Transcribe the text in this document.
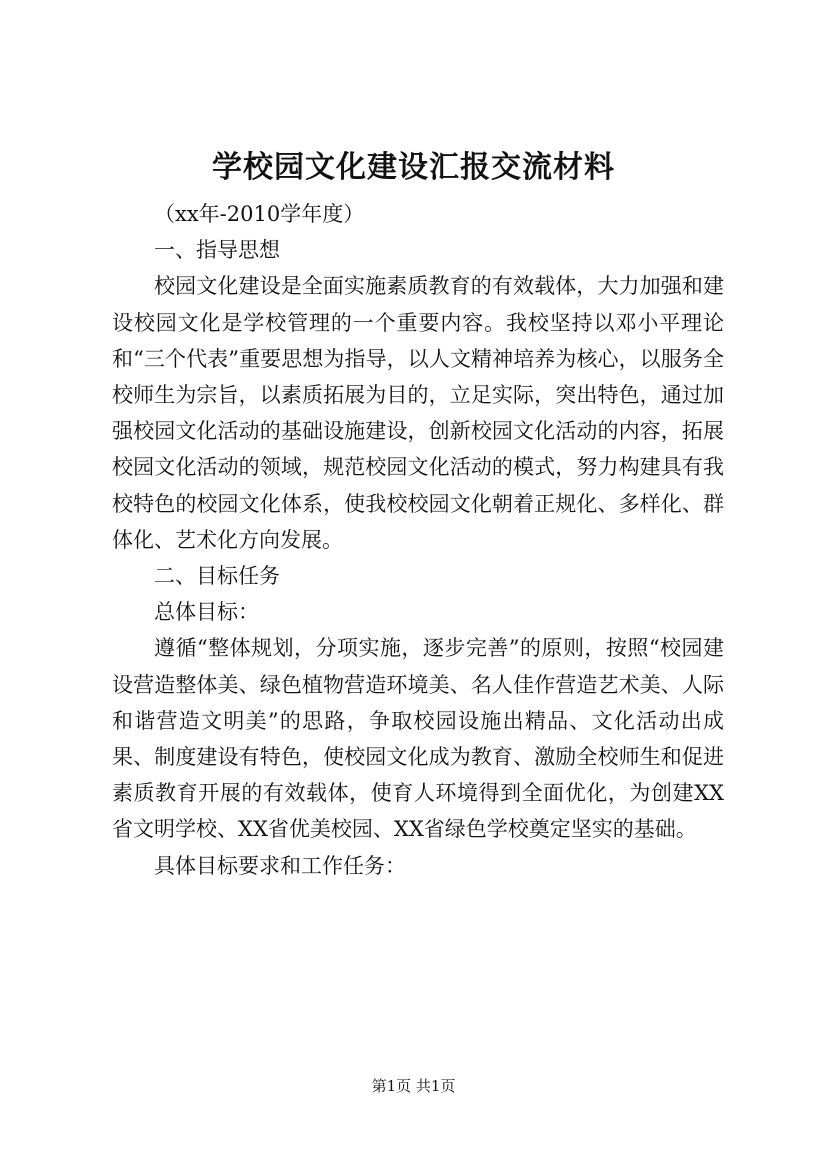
学校园文化建设汇报交流材料

（xx年-2010学年度）

一、指导思想

校园文化建设是全面实施素质教育的有效载体，大力加强和建设校园文化是学校管理的一个重要内容。我校坚持以邓小平理论和“三个代表”重要思想为指导，以人文精神培养为核心，以服务全校师生为宗旨，以素质拓展为目的，立足实际，突出特色，通过加强校园文化活动的基础设施建设，创新校园文化活动的内容，拓展校园文化活动的领域，规范校园文化活动的模式，努力构建具有我校特色的校园文化体系，使我校校园文化朝着正规化、多样化、群体化、艺术化方向发展。

二、目标任务

总体目标：

遵循“整体规划，分项实施，逐步完善”的原则，按照“校园建设营造整体美、绿色植物营造环境美、名人佳作营造艺术美、人际和谐营造文明美”的思路，争取校园设施出精品、文化活动出成果、制度建设有特色，使校园文化成为教育、激励全校师生和促进素质教育开展的有效载体，使育人环境得到全面优化，为创建XX省文明学校、XX省优美校园、XX省绿色学校奠定坚实的基础。

具体目标要求和工作任务：

第1页 共1页
